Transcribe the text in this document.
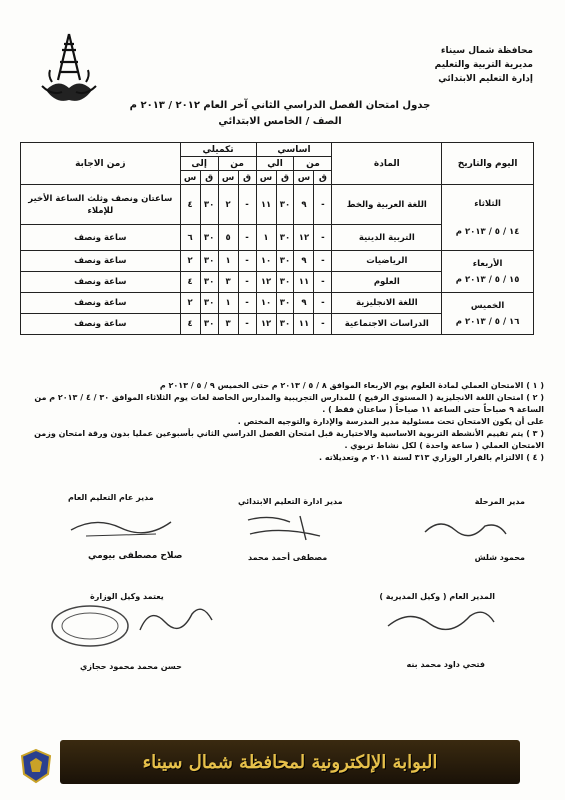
​
محافظة شمال سيناء
مديرية التربية والتعليم
إدارة التعليم الابتدائي
جدول امتحان الفصل الدراسي الثاني آخر العام ٢٠١٢ / ٢٠١٣ م
الصف / الخامس الابتدائي
اليوم والتاريخ	المادة	اساسي				تكميلي				زمن الاجابة
		من		الي		من		إلى		
		ق	س	ق	س	ق	س	ق	س	

الثلاثاء
١٤ / ٥ / ٢٠١٣ م	اللغة العربية والخط	-	٩	٣٠	١١	-	٢	٣٠	٤	ساعتان ونصف وثلث الساعة الأخير للإملاء
	التربية الدينية	-	١٢	٣٠	١	-	٥	٣٠	٦	ساعة ونصف

الأربعاء
١٥ / ٥ / ٢٠١٣ م	الرياضيات	-	٩	٣٠	١٠	-	١	٣٠	٢	ساعة ونصف
	العلوم	-	١١	٣٠	١٢	-	٣	٣٠	٤	ساعة ونصف

الخميس
١٦ / ٥ / ٢٠١٣ م	اللغة الانجليزية	-	٩	٣٠	١٠	-	١	٣٠	٢	ساعة ونصف
	الدراسات الاجتماعية	-	١١	٣٠	١٢	-	٣	٣٠	٤	ساعة ونصف
( ١ ) الامتحان العملي لمادة العلوم يوم الاربعاء الموافق ٨ / ٥ / ٢٠١٣ م حتى الخميس ٩ / ٥ / ٢٠١٣ م
( ٢ ) امتحان اللغة الانجليزية ( المستوى الرفيع ) للمدارس التجريبية والمدارس الخاصة لغات يوم الثلاثاء الموافق ٣٠ / ٤ / ٢٠١٣ م من الساعة ٩ صباحاً حتى الساعة ١١ صباحاً ( ساعتان فقط ) .
على أن يكون الامتحان تحت مسئولية مدير المدرسة والإدارة والتوجيه المختص .
( ٣ ) يتم تقييم الأنشطة التربوية الاساسية والاختيارية قبل امتحان الفصل الدراسي الثاني بأسبوعين عمليا بدون ورقة امتحان وزمن الامتحان العملي ( ساعة واحدة ) لكل نشاط تربوي .
( ٤ ) الالتزام بالقرار الوزاري ٣١٣ لسنة ٢٠١١ م وتعديلاته .
مدير المرحلة
مدير ادارة التعليم الابتدائي
مدير عام التعليم العام
محمود شلش
مصطفى أحمد محمد
صلاح مصطفى بيومي
المدير العام ( وكيل المديرية )
يعتمد وكيل الوزارة
فتحي داود محمد بنه
حسن محمد محمود حجازي
البوابة الإلكترونية لمحافظة شمال سيناء
